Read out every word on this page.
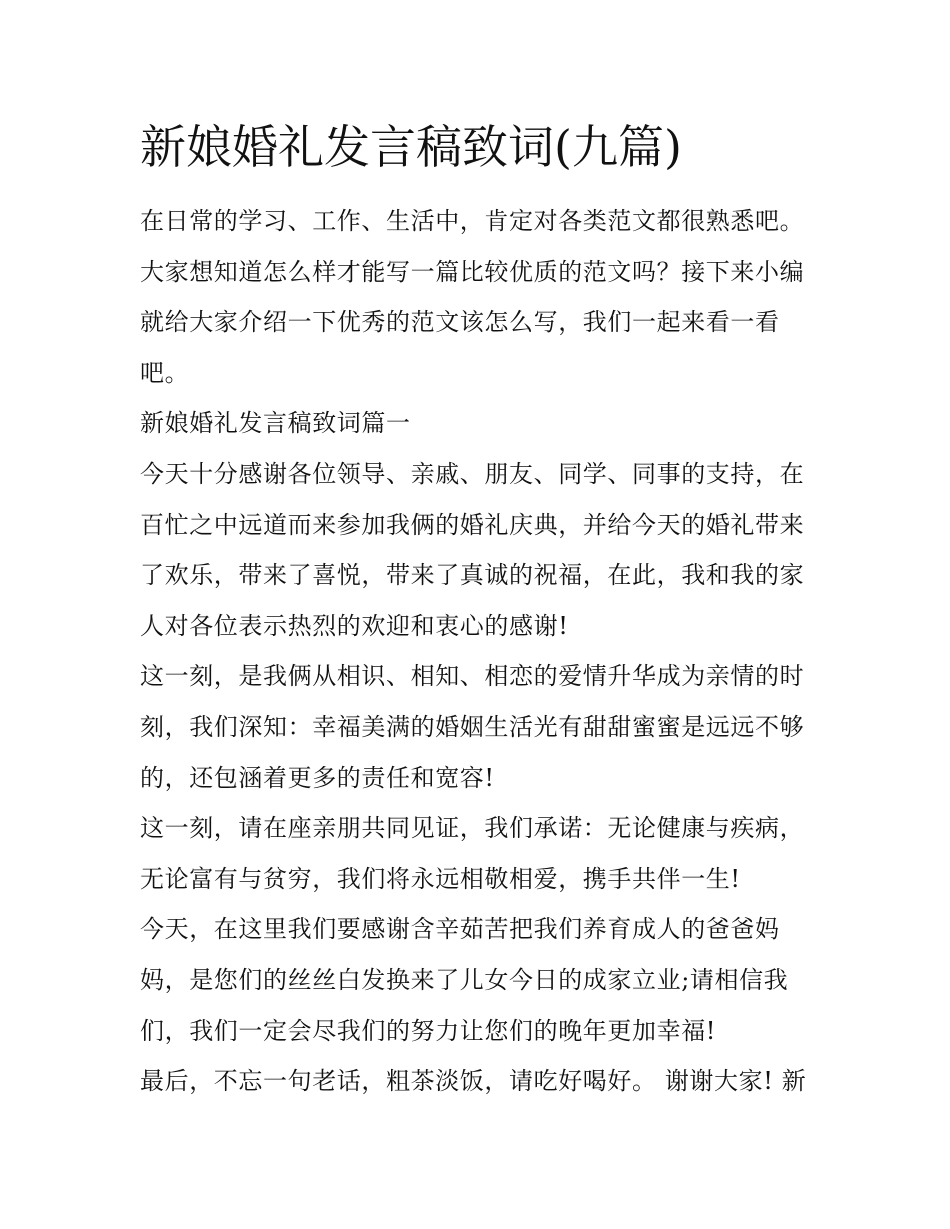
新娘婚礼发言稿致词(九篇)
在日常的学习、工作、生活中，肯定对各类范文都很熟悉吧。
大家想知道怎么样才能写一篇比较优质的范文吗？接下来小编
就给大家介绍一下优秀的范文该怎么写，我们一起来看一看
吧。
新娘婚礼发言稿致词篇一
今天十分感谢各位领导、亲戚、朋友、同学、同事的支持，在
百忙之中远道而来参加我俩的婚礼庆典，并给今天的婚礼带来
了欢乐，带来了喜悦，带来了真诚的祝福，在此，我和我的家
人对各位表示热烈的欢迎和衷心的感谢!
这一刻，是我俩从相识、相知、相恋的爱情升华成为亲情的时
刻，我们深知：幸福美满的婚姻生活光有甜甜蜜蜜是远远不够
的，还包涵着更多的责任和宽容!
这一刻，请在座亲朋共同见证，我们承诺：无论健康与疾病，
无论富有与贫穷，我们将永远相敬相爱，携手共伴一生!
今天，在这里我们要感谢含辛茹苦把我们养育成人的爸爸妈
妈，是您们的丝丝白发换来了儿女今日的成家立业;请相信我
们，我们一定会尽我们的努力让您们的晚年更加幸福!
最后，不忘一句老话，粗茶淡饭，请吃好喝好。 谢谢大家! 新
